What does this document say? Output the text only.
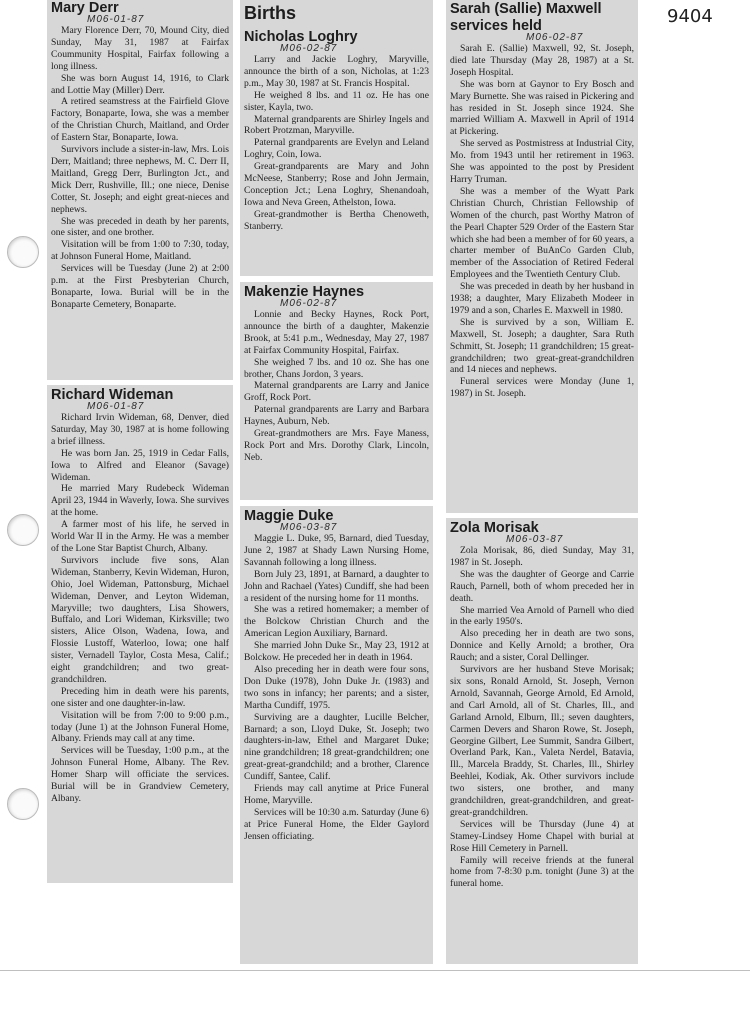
9404
Mary Derr
M06-01-87

Mary Florence Derr, 70, Mound City, died Sunday, May 31, 1987 at Fairfax Coummunity Hospital, Fairfax following a long illness.

She was born August 14, 1916, to Clark and Lottie May (Miller) Derr.

A retired seamstress at the Fairfield Glove Factory, Bonaparte, Iowa, she was a member of the Christian Church, Maitland, and Order of Eastern Star, Bonaparte, Iowa.

Survivors include a sister-in-law, Mrs. Lois Derr, Maitland; three nephews, M. C. Derr II, Maitland, Gregg Derr, Burlington Jct., and Mick Derr, Rushville, Ill.; one niece, Denise Cotter, St. Joseph; and eight great-nieces and nephews.

She was preceded in death by her parents, one sister, and one brother.

Visitation will be from 1:00 to 7:30, today, at Johnson Funeral Home, Maitland.

Services will be Tuesday (June 2) at 2:00 p.m. at the First Presbyterian Church, Bonaparte, Iowa. Burial will be in the Bonaparte Cemetery, Bonaparte.

Richard Wideman
M06-01-87

Richard Irvin Wideman, 68, Denver, died Saturday, May 30, 1987 at is home following a brief illness.

He was born Jan. 25, 1919 in Cedar Falls, Iowa to Alfred and Eleanor (Savage) Wideman.

He married Mary Rudebeck Wideman April 23, 1944 in Waverly, Iowa. She survives at the home.

A farmer most of his life, he served in World War II in the Army. He was a member of the Lone Star Baptist Church, Albany.

Survivors include five sons, Alan Wideman, Stanberry, Kevin Wideman, Huron, Ohio, Joel Wideman, Pattonsburg, Michael Wideman, Denver, and Leyton Wideman, Maryville; two daughters, Lisa Showers, Buffalo, and Lori Wideman, Kirksville; two sisters, Alice Olson, Wadena, Iowa, and Flossie Lustoff, Waterloo, Iowa; one half sister, Vernadell Taylor, Costa Mesa, Calif.; eight grandchildren; and two great-grandchildren.

Preceding him in death were his parents, one sister and one daughter-in-law.

Visitation will be from 7:00 to 9:00 p.m., today (June 1) at the Johnson Funeral Home, Albany. Friends may call at any time.

Services will be Tuesday, 1:00 p.m., at the Johnson Funeral Home, Albany. The Rev. Homer Sharp will officiate the services. Burial will be in Grandview Cemetery, Albany.

Births
Nicholas Loghry
M06-02-87

Larry and Jackie Loghry, Maryville, announce the birth of a son, Nicholas, at 1:23 p.m., May 30, 1987 at St. Francis Hospital.

He weighed 8 lbs. and 11 oz. He has one sister, Kayla, two.

Maternal grandparents are Shirley Ingels and Robert Protzman, Maryville.

Paternal grandparents are Evelyn and Leland Loghry, Coin, Iowa.

Great-grandparents are Mary and John McNeese, Stanberry; Rose and John Jermain, Conception Jct.; Lena Loghry, Shenandoah, Iowa and Neva Green, Athelston, Iowa.

Great-grandmother is Bertha Chenoweth, Stanberry.

Makenzie Haynes
M06-02-87

Lonnie and Becky Haynes, Rock Port, announce the birth of a daughter, Makenzie Brook, at 5:41 p.m., Wednesday, May 27, 1987 at Fairfax Community Hospital, Fairfax.

She weighed 7 lbs. and 10 oz. She has one brother, Chans Jordon, 3 years.

Maternal grandparents are Larry and Janice Groff, Rock Port.

Paternal grandparents are Larry and Barbara Haynes, Auburn, Neb.

Great-grandmothers are Mrs. Faye Maness, Rock Port and Mrs. Dorothy Clark, Lincoln, Neb.

Maggie Duke
M06-03-87

Maggie L. Duke, 95, Barnard, died Tuesday, June 2, 1987 at Shady Lawn Nursing Home, Savannah following a long illness.

Born July 23, 1891, at Barnard, a daughter to John and Rachael (Yates) Cundiff, she had been a resident of the nursing home for 11 months.

She was a retired homemaker; a member of the Bolckow Christian Church and the American Legion Auxiliary, Barnard.

She married John Duke Sr., May 23, 1912 at Bolckow. He preceded her in death in 1964.

Also preceding her in death were four sons, Don Duke (1978), John Duke Jr. (1983) and two sons in infancy; her parents; and a sister, Martha Cundiff, 1975.

Surviving are a daughter, Lucille Belcher, Barnard; a son, Lloyd Duke, St. Joseph; two daughters-in-law, Ethel and Margaret Duke; nine grandchildren; 18 great-grandchildren; one great-great-grandchild; and a brother, Clarence Cundiff, Santee, Calif.

Friends may call anytime at Price Funeral Home, Maryville.

Services will be 10:30 a.m. Saturday (June 6) at Price Funeral Home, the Elder Gaylord Jensen officiating.

Sarah (Sallie) Maxwell
services held
M06-02-87

Sarah E. (Sallie) Maxwell, 92, St. Joseph, died late Thursday (May 28, 1987) at a St. Joseph Hospital.

She was born at Gaynor to Ery Bosch and Mary Burnette. She was raised in Pickering and has resided in St. Joseph since 1924. She married William A. Maxwell in April of 1914 at Pickering.

She served as Postmistress at Industrial City, Mo. from 1943 until her retirement in 1963. She was appointed to the post by President Harry Truman.

She was a member of the Wyatt Park Christian Church, Christian Fellowship of Women of the church, past Worthy Matron of the Pearl Chapter 529 Order of the Eastern Star which she had been a member of for 60 years, a charter member of BuAnCo Garden Club, member of the Association of Retired Federal Employees and the Twentieth Century Club.

She was preceded in death by her husband in 1938; a daughter, Mary Elizabeth Modeer in 1979 and a son, Charles E. Maxwell in 1980.

She is survived by a son, William E. Maxwell, St. Joseph; a daughter, Sara Ruth Schmitt, St. Joseph; 11 grandchildren; 15 great-grandchildren; two great-great-grandchildren and 14 nieces and nephews.

Funeral services were Monday (June 1, 1987) in St. Joseph.

Zola Morisak
M06-03-87

Zola Morisak, 86, died Sunday, May 31, 1987 in St. Joseph.

She was the daughter of George and Carrie Rauch, Parnell, both of whom preceded her in death.

She married Vea Arnold of Parnell who died in the early 1950's.

Also preceding her in death are two sons, Donnice and Kelly Arnold; a brother, Ora Rauch; and a sister, Coral Dellinger.

Survivors are her husband Steve Morisak; six sons, Ronald Arnold, St. Joseph, Vernon Arnold, Savannah, George Arnold, Ed Arnold, and Carl Arnold, all of St. Charles, Ill., and Garland Arnold, Elburn, Ill.; seven daughters, Carmen Devers and Sharon Rowe, St. Joseph, Georgine Gilbert, Lee Summit, Sandra Gilbert, Overland Park, Kan., Valeta Nerdel, Batavia, Ill., Marcela Braddy, St. Charles, Ill., Shirley Beehlei, Kodiak, Ak. Other survivors include two sisters, one brother, and many grandchildren, great-grandchildren, and great-great-grandchildren.

Services will be Thursday (June 4) at Stamey-Lindsey Home Chapel with burial at Rose Hill Cemetery in Parnell.

Family will receive friends at the funeral home from 7-8:30 p.m. tonight (June 3) at the funeral home.
